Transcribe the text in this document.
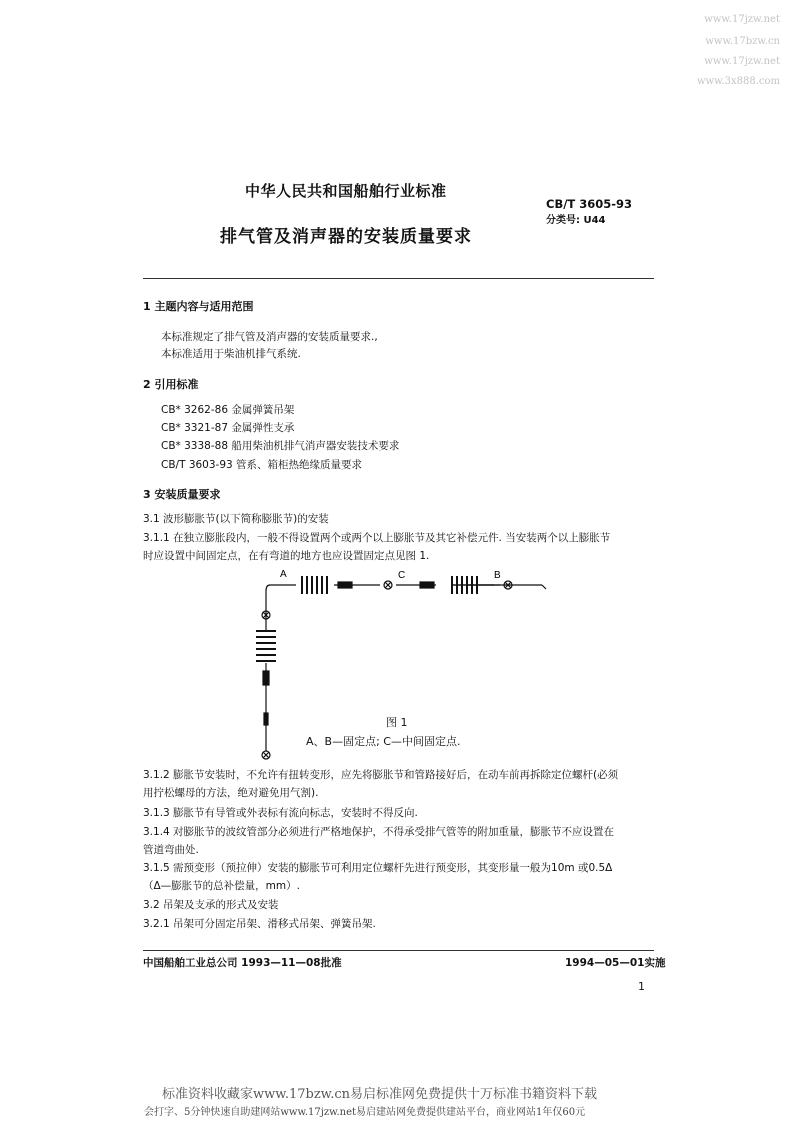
www.17jzw.net
www.17bzw.cn
www.17jzw.net
www.3x888.com
中华人民共和国船舶行业标准
CB/T 3605-93
分类号: U44
排气管及消声器的安装质量要求
1 主题内容与适用范围
本标准规定了排气管及消声器的安装质量要求.,
本标准适用于柴油机排气系统.
2 引用标准
CB* 3262-86 金属弹簧吊架
CB* 3321-87 金属弹性支承
CB* 3338-88 船用柴油机排气消声器安装技术要求
CB/T 3603-93 管系、箱柜热绝缘质量要求
3 安装质量要求
3.1 波形膨胀节(以下简称膨胀节)的安装
3.1.1 在独立膨胀段内，一般不得设置两个或两个以上膨胀节及其它补偿元件. 当安装两个以上膨胀节
时应设置中间固定点，在有弯道的地方也应设置固定点见图 1.
A	C	B
图 1
A、B—固定点; C—中间固定点.
3.1.2 膨胀节安装时，不允许有扭转变形，应先将膨胀节和管路接好后，在动车前再拆除定位螺杆(必须
用拧松螺母的方法，绝对避免用气割).
3.1.3 膨胀节有导管或外表标有流向标志，安装时不得反向.
3.1.4 对膨胀节的波纹管部分必须进行严格地保护，不得承受排气管等的附加重量，膨胀节不应设置在
管道弯曲处.
3.1.5 需预变形（预拉伸）安装的膨胀节可利用定位螺杆先进行预变形，其变形量一般为10m 或0.5Δ
（Δ—膨胀节的总补偿量，mm）.
3.2 吊架及支承的形式及安装
3.2.1 吊架可分固定吊架、滑移式吊架、弹簧吊架.
中国船舶工业总公司 1993—11—08批准	1994—05—01实施
1
标准资料收藏家www.17bzw.cn易启标准网免费提供十万标准书籍资料下载
会打字、5分钟快速自助建网站www.17jzw.net易启建站网免费提供建站平台，商业网站1年仅60元
